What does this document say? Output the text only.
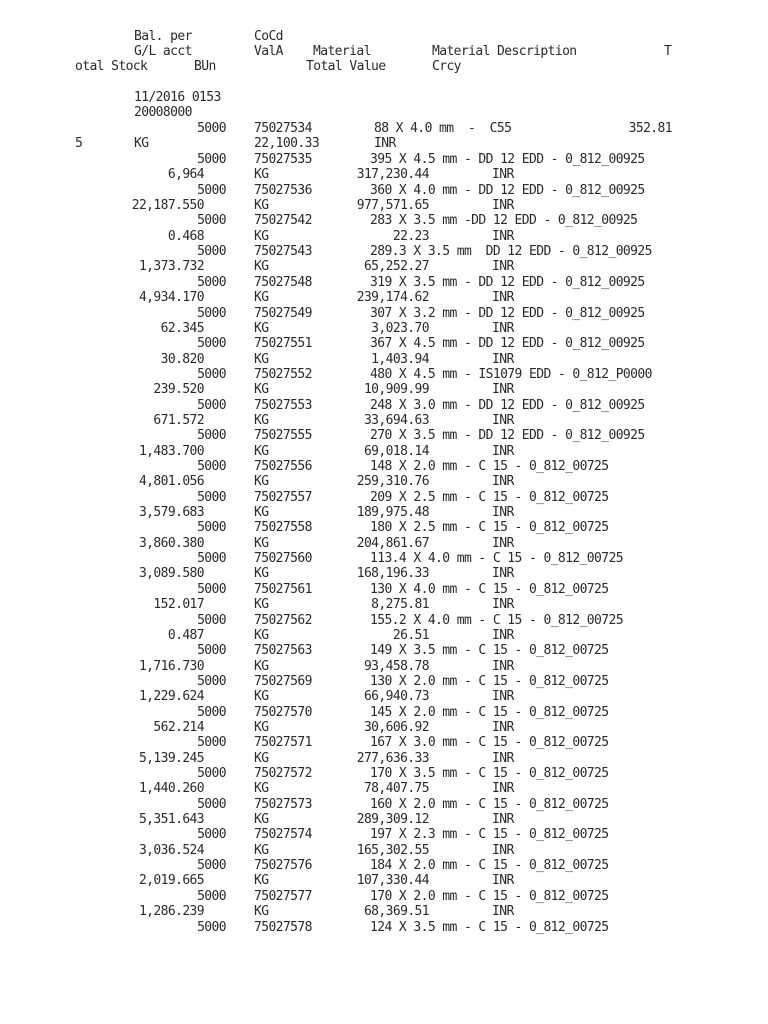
Bal. per	CoCd
G/L acct	ValA Material	Material Description	T
otal Stock	BUn	Total Value	Crcy
11/2016 0153
20008000
5000 75027534	88 X 4.0 mm  -  C55	352.81
5	KG	22,100.33	INR
5000 75027535	395 X 4.5 mm - DD 12 EDD - 0_812_00925
6,964	KG	317,230.44	INR
5000 75027536	360 X 4.0 mm - DD 12 EDD - 0_812_00925
22,187.550	KG	977,571.65	INR
5000 75027542	283 X 3.5 mm -DD 12 EDD - 0_812_00925
0.468	KG	22.23	INR
5000 75027543	289.3 X 3.5 mm  DD 12 EDD - 0_812_00925
1,373.732	KG	65,252.27	INR
5000 75027548	319 X 3.5 mm - DD 12 EDD - 0_812_00925
4,934.170	KG	239,174.62	INR
5000 75027549	307 X 3.2 mm - DD 12 EDD - 0_812_00925
62.345	KG	3,023.70	INR
5000 75027551	367 X 4.5 mm - DD 12 EDD - 0_812_00925
30.820	KG	1,403.94	INR
5000 75027552	480 X 4.5 mm - IS1079 EDD - 0_812_P0000
239.520	KG	10,909.99	INR
5000 75027553	248 X 3.0 mm - DD 12 EDD - 0_812_00925
671.572	KG	33,694.63	INR
5000 75027555	270 X 3.5 mm - DD 12 EDD - 0_812_00925
1,483.700	KG	69,018.14	INR
5000 75027556	148 X 2.0 mm - C 15 - 0_812_00725
4,801.056	KG	259,310.76	INR
5000 75027557	209 X 2.5 mm - C 15 - 0_812_00725
3,579.683	KG	189,975.48	INR
5000 75027558	180 X 2.5 mm - C 15 - 0_812_00725
3,860.380	KG	204,861.67	INR
5000 75027560	113.4 X 4.0 mm - C 15 - 0_812_00725
3,089.580	KG	168,196.33	INR
5000 75027561	130 X 4.0 mm - C 15 - 0_812_00725
152.017	KG	8,275.81	INR
5000 75027562	155.2 X 4.0 mm - C 15 - 0_812_00725
0.487	KG	26.51	INR
5000 75027563	149 X 3.5 mm - C 15 - 0_812_00725
1,716.730	KG	93,458.78	INR
5000 75027569	130 X 2.0 mm - C 15 - 0_812_00725
1,229.624	KG	66,940.73	INR
5000 75027570	145 X 2.0 mm - C 15 - 0_812_00725
562.214	KG	30,606.92	INR
5000 75027571	167 X 3.0 mm - C 15 - 0_812_00725
5,139.245	KG	277,636.33	INR
5000 75027572	170 X 3.5 mm - C 15 - 0_812_00725
1,440.260	KG	78,407.75	INR
5000 75027573	160 X 2.0 mm - C 15 - 0_812_00725
5,351.643	KG	289,309.12	INR
5000 75027574	197 X 2.3 mm - C 15 - 0_812_00725
3,036.524	KG	165,302.55	INR
5000 75027576	184 X 2.0 mm - C 15 - 0_812_00725
2,019.665	KG	107,330.44	INR
5000 75027577	170 X 2.0 mm - C 15 - 0_812_00725
1,286.239	KG	68,369.51	INR
5000 75027578	124 X 3.5 mm - C 15 - 0_812_00725
